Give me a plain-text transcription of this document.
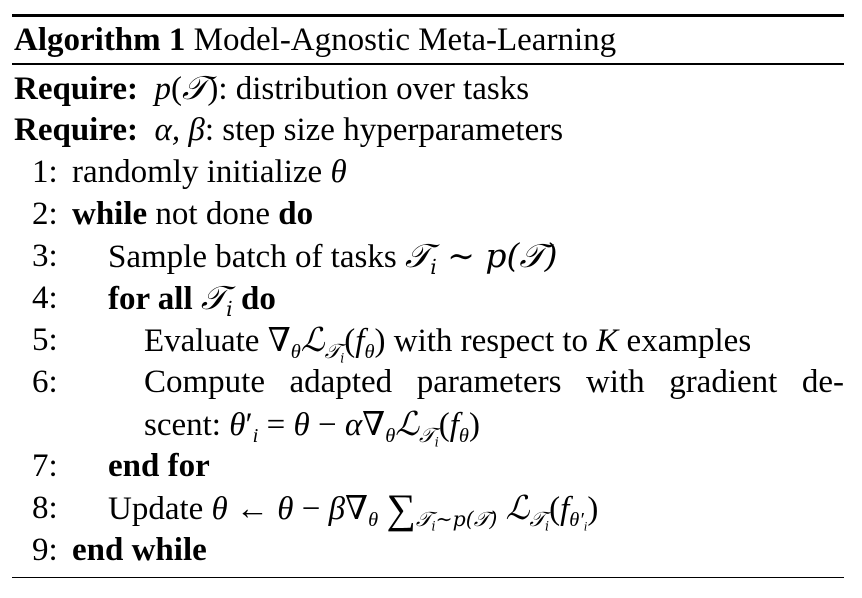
Algorithm 1 Model-Agnostic Meta-Learning
Require: p(𝒯): distribution over tasks
Require: α, β: step size hyperparameters
1: randomly initialize θ
2: while not done do
3:	Sample batch of tasks 𝒯$_i$ ∼ p(𝒯)
4:	for all 𝒯$_i$ do
5:	Evaluate $\nabla_\theta ℒ_{𝒯_i}(f_\theta)$ with respect to K examples
6:	Compute adapted parameters with gradient de-
scent: $\theta'_i = \theta$ − $\alpha\nabla_\theta ℒ_{𝒯_i}(f_\theta)$
7:	end for
8:	Update θ ← $\theta - \beta\nabla_\theta$ $\sum_{𝒯_i\sim p(𝒯)}$ $ℒ_{𝒯_i}(f_{\theta'_i})$
9: end while
